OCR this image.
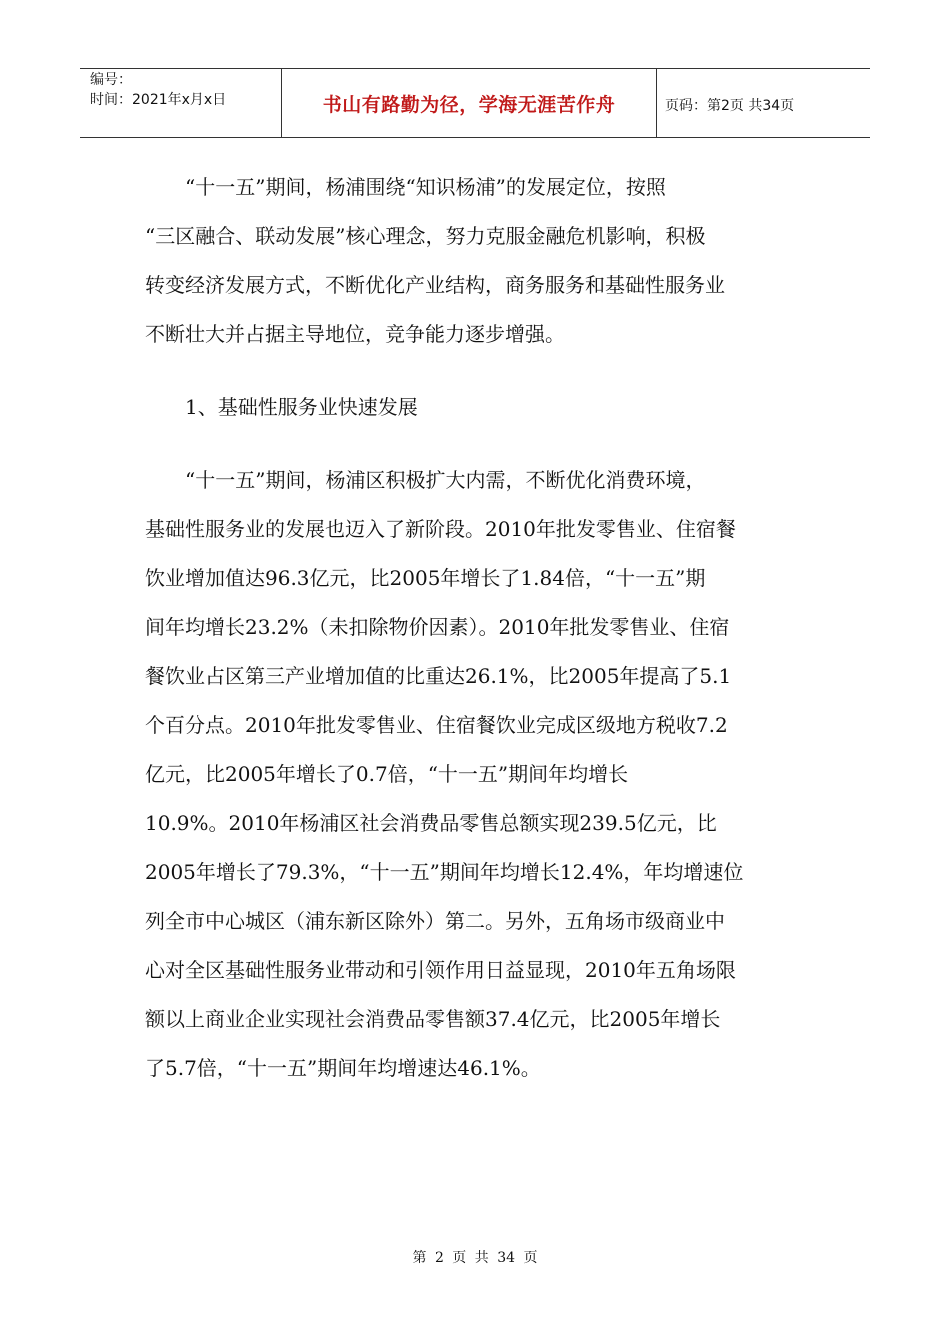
编号：
时间：2021年x月x日	书山有路勤为径，学海无涯苦作舟	页码：第2页 共34页
“十一五”期间，杨浦围绕“知识杨浦”的发展定位，按照
“三区融合、联动发展”核心理念，努力克服金融危机影响，积极
转变经济发展方式，不断优化产业结构，商务服务和基础性服务业
不断壮大并占据主导地位，竞争能力逐步增强。
1、基础性服务业快速发展
“十一五”期间，杨浦区积极扩大内需，不断优化消费环境，
基础性服务业的发展也迈入了新阶段。2010年批发零售业、住宿餐
饮业增加值达96.3亿元，比2005年增长了1.84倍，“十一五”期
间年均增长23.2%（未扣除物价因素）。2010年批发零售业、住宿
餐饮业占区第三产业增加值的比重达26.1%，比2005年提高了5.1
个百分点。2010年批发零售业、住宿餐饮业完成区级地方税收7.2
亿元，比2005年增长了0.7倍，“十一五”期间年均增长
10.9%。2010年杨浦区社会消费品零售总额实现239.5亿元，比
2005年增长了79.3%，“十一五”期间年均增长12.4%，年均增速位
列全市中心城区（浦东新区除外）第二。另外，五角场市级商业中
心对全区基础性服务业带动和引领作用日益显现，2010年五角场限
额以上商业企业实现社会消费品零售额37.4亿元，比2005年增长
了5.7倍，“十一五”期间年均增速达46.1%。
第 2 页 共 34 页
